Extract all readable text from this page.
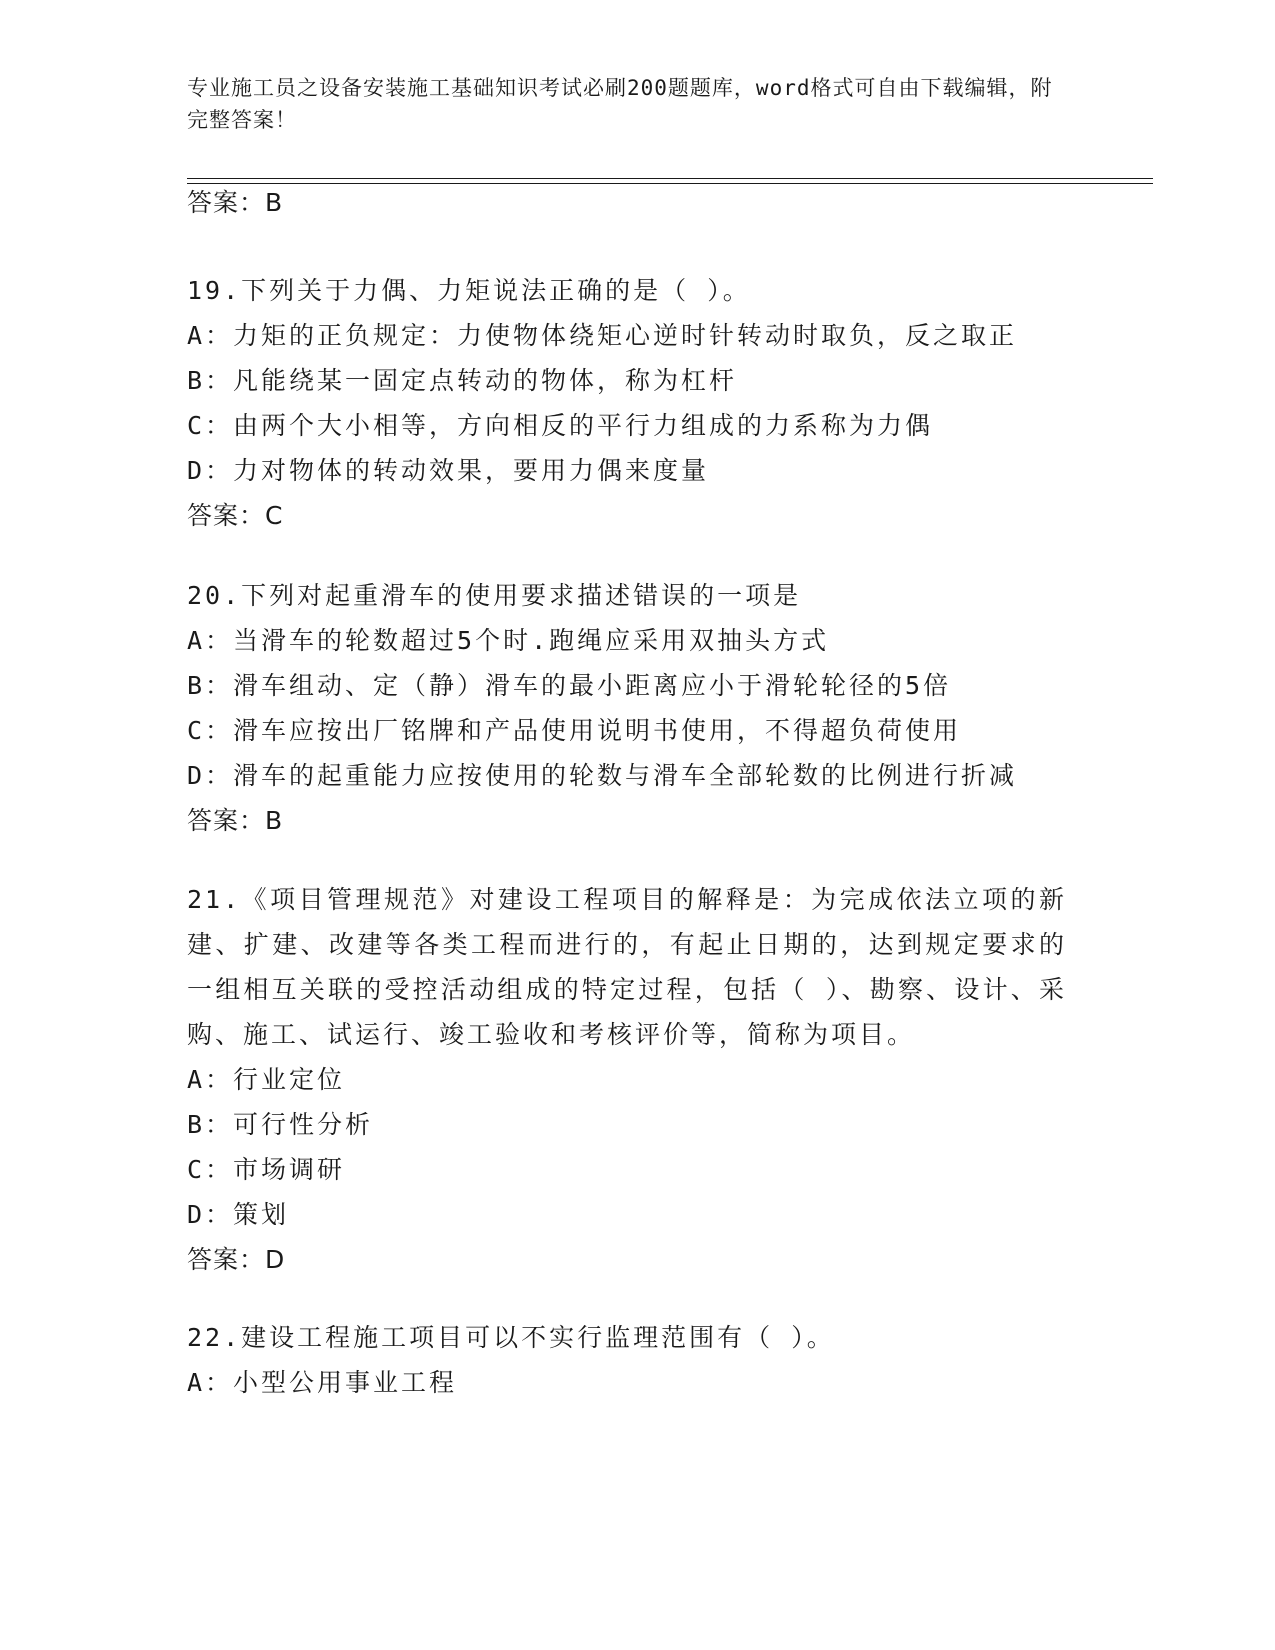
专业施工员之设备安装施工基础知识考试必刷200题题库，word格式可自由下载编辑，附完整答案！
答案：B
19.下列关于力偶、力矩说法正确的是（ ）。
A：力矩的正负规定：力使物体绕矩心逆时针转动时取负，反之取正
B：凡能绕某一固定点转动的物体，称为杠杆
C：由两个大小相等，方向相反的平行力组成的力系称为力偶
D：力对物体的转动效果，要用力偶来度量
答案：C
20.下列对起重滑车的使用要求描述错误的一项是
A：当滑车的轮数超过5个时.跑绳应采用双抽头方式
B：滑车组动、定（静）滑车的最小距离应小于滑轮轮径的5倍
C：滑车应按出厂铭牌和产品使用说明书使用，不得超负荷使用
D：滑车的起重能力应按使用的轮数与滑车全部轮数的比例进行折减
答案：B
21.《项目管理规范》对建设工程项目的解释是：为完成依法立项的新建、扩建、改建等各类工程而进行的，有起止日期的，达到规定要求的一组相互关联的受控活动组成的特定过程，包括（ ）、勘察、设计、采购、施工、试运行、竣工验收和考核评价等，简称为项目。
A：行业定位
B：可行性分析
C：市场调研
D：策划
答案：D
22.建设工程施工项目可以不实行监理范围有（ ）。
A：小型公用事业工程
